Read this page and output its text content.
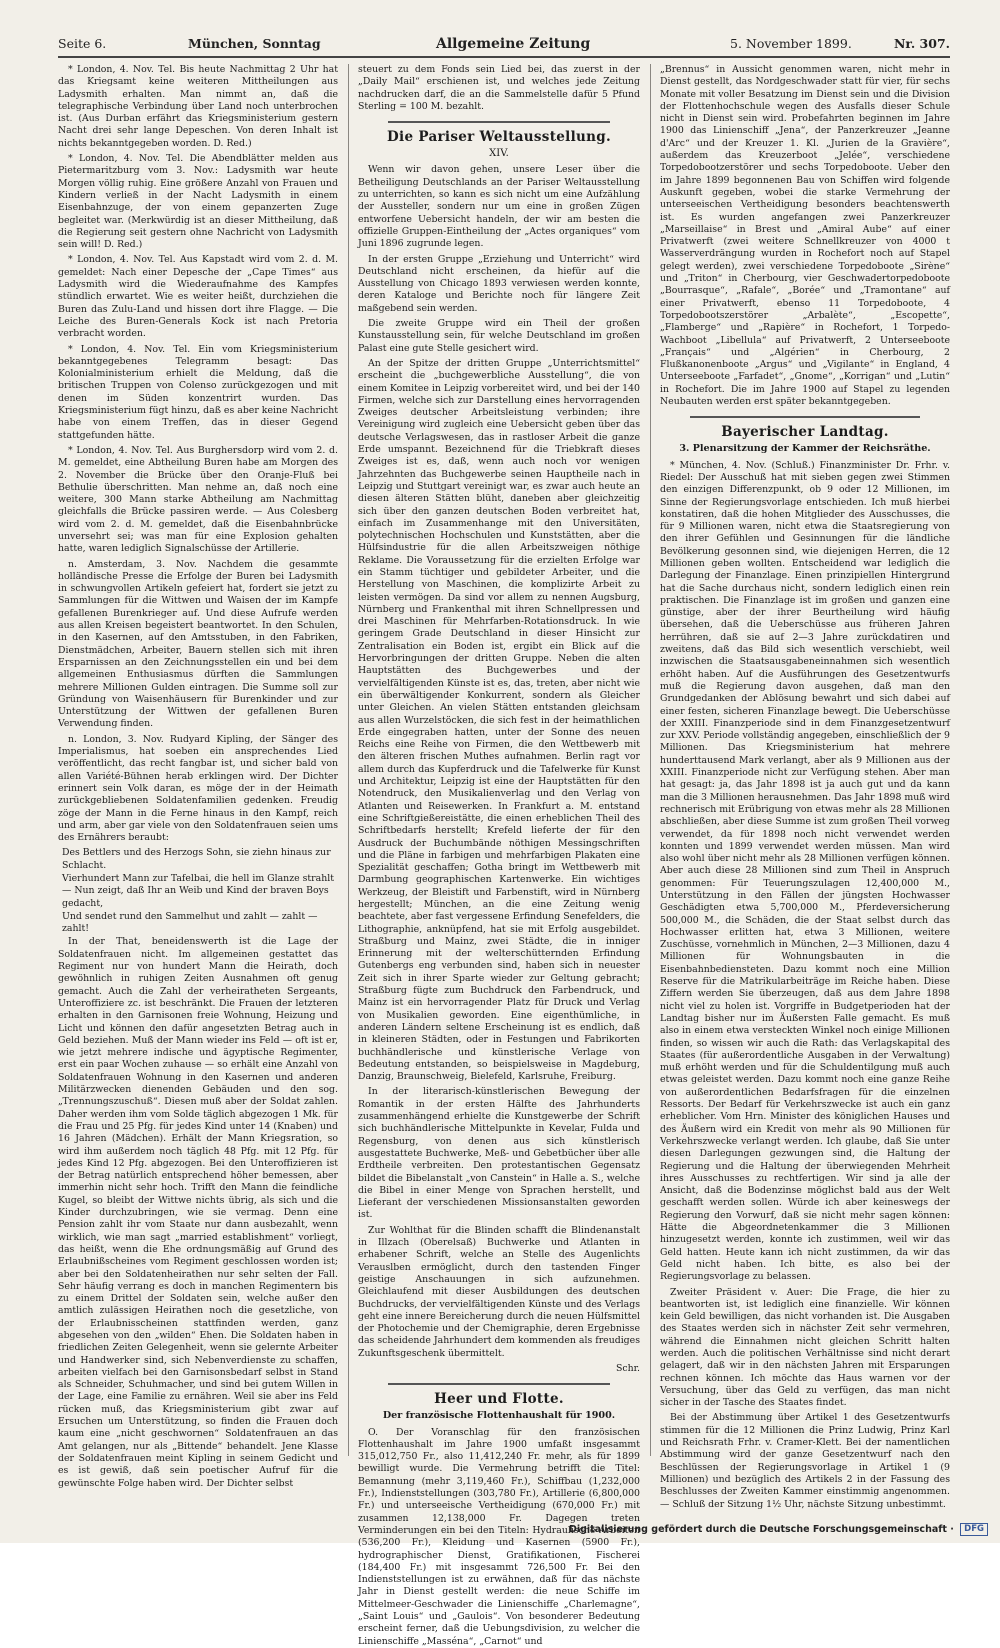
Seite 6.	München, Sonntag	Allgemeine Zeitung	5. November 1899.	Nr. 307.

* London, 4. Nov. Tel. Bis heute Nachmittag 2 Uhr hat das Kriegsamt keine weiteren Mittheilungen aus Ladysmith erhalten. Man nimmt an, daß die telegraphische Verbindung über Land noch unterbrochen ist. (Aus Durban erfährt das Kriegsministerium gestern Nacht drei sehr lange Depeschen. Von deren Inhalt ist nichts bekanntgegeben worden. D. Red.)

* London, 4. Nov. Tel. Die Abendblätter melden aus Pietermaritzburg vom 3. Nov.: Ladysmith war heute Morgen völlig ruhig. Eine größere Anzahl von Frauen und Kindern verließ in der Nacht Ladysmith in einem Eisenbahnzuge, der von einem gepanzerten Zuge begleitet war. (Merkwürdig ist an dieser Mittheilung, daß die Regierung seit gestern ohne Nachricht von Ladysmith sein will! D. Red.)

* London, 4. Nov. Tel. Aus Kapstadt wird vom 2. d. M. gemeldet: Nach einer Depesche der „Cape Times“ aus Ladysmith wird die Wiederaufnahme des Kampfes stündlich erwartet. Wie es weiter heißt, durchziehen die Buren das Zulu-Land und hissen dort ihre Flagge. — Die Leiche des Buren-Generals Kock ist nach Pretoria verbracht worden.

* London, 4. Nov. Tel. Ein vom Kriegsministerium bekanntgegebenes Telegramm besagt: Das Kolonialministerium erhielt die Meldung, daß die britischen Truppen von Colenso zurückgezogen und mit denen im Süden konzentrirt wurden. Das Kriegsministerium fügt hinzu, daß es aber keine Nachricht habe von einem Treffen, das in dieser Gegend stattgefunden hätte.

* London, 4. Nov. Tel. Aus Burghersdorp wird vom 2. d. M. gemeldet, eine Abtheilung Buren habe am Morgen des 2. November die Brücke über den Oranje-Fluß bei Bethulie überschritten. Man nehme an, daß noch eine weitere, 300 Mann starke Abtheilung am Nachmittag gleichfalls die Brücke passiren werde. — Aus Colesberg wird vom 2. d. M. gemeldet, daß die Eisenbahnbrücke unversehrt sei; was man für eine Explosion gehalten hatte, waren lediglich Signalschüsse der Artillerie.

n. Amsterdam, 3. Nov. Nachdem die gesammte holländische Presse die Erfolge der Buren bei Ladysmith in schwungvollen Artikeln gefeiert hat, fordert sie jetzt zu Sammlungen für die Wittwen und Waisen der im Kampfe gefallenen Burenkrieger auf. Und diese Aufrufe werden aus allen Kreisen begeistert beantwortet. In den Schulen, in den Kasernen, auf den Amtsstuben, in den Fabriken, Dienstmädchen, Arbeiter, Bauern stellen sich mit ihren Ersparnissen an den Zeichnungsstellen ein und bei dem allgemeinen Enthusiasmus dürften die Sammlungen mehrere Millionen Gulden eintragen. Die Summe soll zur Gründung von Waisenhäusern für Burenkinder und zur Unterstützung der Wittwen der gefallenen Buren Verwendung finden.

n. London, 3. Nov. Rudyard Kipling, der Sänger des Imperialismus, hat soeben ein ansprechendes Lied veröffentlicht, das recht fangbar ist, und sicher bald von allen Variété-Bühnen herab erklingen wird. Der Dichter erinnert sein Volk daran, es möge der in der Heimath zurückgebliebenen Soldatenfamilien gedenken. Freudig zöge der Mann in die Ferne hinaus in den Kampf, reich und arm, aber gar viele von den Soldatenfrauen seien ums des Ernährers beraubt:

Des Bettlers und des Herzogs Sohn, sie ziehn hinaus zur Schlacht.

Vierhundert Mann zur Tafelbai, die hell im Glanze strahlt — Nun zeigt, daß Ihr an Weib und Kind der braven Boys gedacht,

Und sendet rund den Sammelhut und zahlt — zahlt — zahlt!

In der That, beneidenswerth ist die Lage der Soldatenfrauen nicht. Im allgemeinen gestattet das Regiment nur von hundert Mann die Heirath, doch gewöhnlich in ruhigen Zeiten Ausnahmen oft genug gemacht. Auch die Zahl der verheiratheten Sergeants, Unteroffiziere zc. ist beschränkt. Die Frauen der letzteren erhalten in den Garnisonen freie Wohnung, Heizung und Licht und können den dafür angesetzten Betrag auch in Geld beziehen. Muß der Mann wieder ins Feld — oft ist er, wie jetzt mehrere indische und ägyptische Regimenter, erst ein paar Wochen zuhause — so erhält eine Anzahl von Soldatenfrauen Wohnung in den Kasernen und anderen Militärzwecken dienenden Gebäuden und den sog. „Trennungszuschuß“. Diesen muß aber der Soldat zahlen. Daher werden ihm vom Solde täglich abgezogen 1 Mk. für die Frau und 25 Pfg. für jedes Kind unter 14 (Knaben) und 16 Jahren (Mädchen). Erhält der Mann Kriegsration, so wird ihm außerdem noch täglich 48 Pfg. mit 12 Pfg. für jedes Kind 12 Pfg. abgezogen. Bei den Unteroffizieren ist der Betrag natürlich entsprechend höher bemessen, aber immerhin nicht sehr hoch. Trifft den Mann die feindliche Kugel, so bleibt der Wittwe nichts übrig, als sich und die Kinder durchzubringen, wie sie vermag. Denn eine Pension zahlt ihr vom Staate nur dann ausbezahlt, wenn wirklich, wie man sagt „married establishment“ vorliegt, das heißt, wenn die Ehe ordnungsmäßig auf Grund des Erlaubnißscheines vom Regiment geschlossen worden ist; aber bei den Soldatenheirathen nur sehr selten der Fall. Sehr häufig verrang es doch in manchen Regimentern bis zu einem Drittel der Soldaten sein, welche außer den amtlich zulässigen Heirathen noch die gesetzliche, von der Erlaubnisscheinen stattfinden werden, ganz abgesehen von den „wilden“ Ehen. Die Soldaten haben in friedlichen Zeiten Gelegenheit, wenn sie gelernte Arbeiter und Handwerker sind, sich Nebenverdienste zu schaffen, arbeiten vielfach bei den Garnisonsbedarf selbst in Stand als Schneider, Schuhmacher, und sind bei gutem Willen in der Lage, eine Familie zu ernähren. Weil sie aber ins Feld rücken muß, das Kriegsministerium gibt zwar auf Ersuchen um Unterstützung, so finden die Frauen doch kaum eine „nicht geschwornen“ Soldatenfrauen an das Amt gelangen, nur als „Bittende“ behandelt. Jene Klasse der Soldatenfrauen meint Kipling in seinem Gedicht und es ist gewiß, daß sein poetischer Aufruf für die gewünschte Folge haben wird. Der Dichter selbst

steuert zu dem Fonds sein Lied bei, das zuerst in der „Daily Mail“ erschienen ist, und welches jede Zeitung nachdrucken darf, die an die Sammelstelle dafür 5 Pfund Sterling = 100 M. bezahlt.

Die Pariser Weltausstellung.
XIV.

Wenn wir davon gehen, unsere Leser über die Betheiligung Deutschlands an der Pariser Weltausstellung zu unterrichten, so kann es sich nicht um eine Aufzählung der Aussteller, sondern nur um eine in großen Zügen entworfene Uebersicht handeln, der wir am besten die offizielle Gruppen-Eintheilung der „Actes organiques“ vom Juni 1896 zugrunde legen.

In der ersten Gruppe „Erziehung und Unterricht“ wird Deutschland nicht erscheinen, da hiefür auf die Ausstellung von Chicago 1893 verwiesen werden konnte, deren Kataloge und Berichte noch für längere Zeit maßgebend sein werden.

Die zweite Gruppe wird ein Theil der großen Kunstausstellung sein, für welche Deutschland im großen Palast eine gute Stelle gesichert wird.

An der Spitze der dritten Gruppe „Unterrichtsmittel“ erscheint die „buchgewerbliche Ausstellung“, die von einem Komitee in Leipzig vorbereitet wird, und bei der 140 Firmen, welche sich zur Darstellung eines hervorragenden Zweiges deutscher Arbeitsleistung verbinden; ihre Vereinigung wird zugleich eine Uebersicht geben über das deutsche Verlagswesen, das in rastloser Arbeit die ganze Erde umspannt. Bezeichnend für die Triebkraft dieses Zweiges ist es, daß, wenn auch noch vor wenigen Jahrzehnten das Buchgewerbe seinen Hauptheile nach in Leipzig und Stuttgart vereinigt war, es zwar auch heute an diesen älteren Stätten blüht, daneben aber gleichzeitig sich über den ganzen deutschen Boden verbreitet hat, einfach im Zusammenhange mit den Universitäten, polytechnischen Hochschulen und Kunststätten, aber die Hülfsindustrie für die allen Arbeitszweigen nöthige Reklame. Die Voraussetzung für die erzielten Erfolge war ein Stamm tüchtiger und gebildeter Arbeiter, und die Herstellung von Maschinen, die komplizirte Arbeit zu leisten vermögen. Da sind vor allem zu nennen Augsburg, Nürnberg und Frankenthal mit ihren Schnellpressen und drei Maschinen für Mehrfarben-Rotationsdruck. In wie geringem Grade Deutschland in dieser Hinsicht zur Zentralisation ein Boden ist, ergibt ein Blick auf die Hervorbringungen der dritten Gruppe. Neben die alten Hauptstätten des Buchgewerbes und der vervielfältigenden Künste ist es, das, treten, aber nicht wie ein überwältigender Konkurrent, sondern als Gleicher unter Gleichen. An vielen Stätten entstanden gleichsam aus allen Wurzelstöcken, die sich fest in der heimathlichen Erde eingegraben hatten, unter der Sonne des neuen Reichs eine Reihe von Firmen, die den Wettbewerb mit den älteren frischen Muthes aufnahmen. Berlin ragt vor allem durch das Kupferdruck und die Tafelwerke für Kunst und Architektur, Leipzig ist eine der Hauptstätten für den Notendruck, den Musikalienverlag und den Verlag von Atlanten und Reisewerken. In Frankfurt a. M. entstand eine Schriftgießereistätte, die einen erheblichen Theil des Schriftbedarfs herstellt; Krefeld lieferte der für den Ausdruck der Buchumbände nöthigen Messingschriften und die Pläne in farbigen und mehrfarbigen Plakaten eine Spezialität geschaffen; Gotha bringt im Wettbewerb mit Darmbung geographischen Kartenwerke. Ein wichtiges Werkzeug, der Bleistift und Farbenstift, wird in Nürnberg hergestellt; München, an die eine Zeitung wenig beachtete, aber fast vergessene Erfindung Senefelders, die Lithographie, anknüpfend, hat sie mit Erfolg ausgebildet. Straßburg und Mainz, zwei Städte, die in inniger Erinnerung mit der welterschütternden Erfindung Gutenbergs eng verbunden sind, haben sich in neuester Zeit sich in ihrer Sparte wieder zur Geltung gebracht; Straßburg fügte zum Buchdruck den Farbendruck, und Mainz ist ein hervorragender Platz für Druck und Verlag von Musikalien geworden. Eine eigenthümliche, in anderen Ländern seltene Erscheinung ist es endlich, daß in kleineren Städten, oder in Festungen und Fabrikorten buchhändlerische und künstlerische Verlage von Bedeutung entstanden, so beispielsweise in Magdeburg, Danzig, Braunschweig, Bielefeld, Karlsruhe, Freiburg.

In der literarisch-künstlerischen Bewegung der Romantik in der ersten Hälfte des Jahrhunderts zusammenhängend erhielte die Kunstgewerbe der Schrift sich buchhändlerische Mittelpunkte in Kevelar, Fulda und Regensburg, von denen aus sich künstlerisch ausgestattete Buchwerke, Meß- und Gebetbücher über alle Erdtheile verbreiten. Den protestantischen Gegensatz bildet die Bibelanstalt „von Canstein“ in Halle a. S., welche die Bibel in einer Menge von Sprachen herstellt, und Lieferant der verschiedenen Missionsanstalten geworden ist.

Zur Wohlthat für die Blinden schafft die Blindenanstalt in Illzach (Oberelsaß) Buchwerke und Atlanten in erhabener Schrift, welche an Stelle des Augenlichts Verauslben ermöglicht, durch den tastenden Finger geistige Anschauungen in sich aufzunehmen. Gleichlaufend mit dieser Ausbildungen des deutschen Buchdrucks, der vervielfältigenden Künste und des Verlags geht eine innere Bereicherung durch die neuen Hülfsmittel der Photochemie und der Chemigraphie, deren Ergebnisse das scheidende Jahrhundert dem kommenden als freudiges Zukunftsgeschenk übermittelt.

Schr.

Heer und Flotte.
Der französische Flottenhaushalt für 1900.

O. Der Voranschlag für den französischen Flottenhaushalt im Jahre 1900 umfaßt insgesammt 315,012,750 Fr., also 11,412,240 Fr. mehr, als für 1899 bewilligt wurde. Die Vermehrung betrifft die Titel: Bemannung (mehr 3,119,460 Fr.), Schiffbau (1,232,000 Fr.), Indienststellungen (303,780 Fr.), Artillerie (6,800,000 Fr.) und unterseeische Vertheidigung (670,000 Fr.) mit zusammen 12,138,000 Fr. Dagegen treten Verminderungen ein bei den Titeln: Hydraulische Arbeiten (536,200 Fr.), Kleidung und Kasernen (5900 Fr.), hydrographischer Dienst, Gratifikationen, Fischerei (184,400 Fr.) mit insgesammt 726,500 Fr. Bei den Indienststellungen ist zu erwähnen, daß für das nächste Jahr in Dienst gestellt werden: die neue Schiffe im Mittelmeer-Geschwader die Linienschiffe „Charlemagne“, „Saint Louis“ und „Gaulois“. Von besonderer Bedeutung erscheint ferner, daß die Uebungsdivision, zu welcher die Linienschiffe „Masséna“, „Carnot“ und

„Brennus“ in Aussicht genommen waren, nicht mehr in Dienst gestellt, das Nordgeschwader statt für vier, für sechs Monate mit voller Besatzung im Dienst sein und die Division der Flottenhochschule wegen des Ausfalls dieser Schule nicht in Dienst sein wird. Probefahrten beginnen im Jahre 1900 das Linienschiff „Jena“, der Panzerkreuzer „Jeanne d'Arc“ und der Kreuzer 1. Kl. „Jurien de la Gravière“, außerdem das Kreuzerboot „Jelée“, verschiedene Torpedobootzerstörer und sechs Torpedoboote. Ueber den im Jahre 1899 begonnenen Bau von Schiffen wird folgende Auskunft gegeben, wobei die starke Vermehrung der unterseeischen Vertheidigung besonders beachtenswerth ist. Es wurden angefangen zwei Panzerkreuzer „Marseillaise“ in Brest und „Amiral Aube“ auf einer Privatwerft (zwei weitere Schnellkreuzer von 4000 t Wasserverdrängung wurden in Rochefort noch auf Stapel gelegt werden), zwei verschiedene Torpedoboote „Sirène“ und „Triton“ in Cherbourg, vier Geschwadertorpedoboote „Bourrasque“, „Rafale“, „Borée“ und „Tramontane“ auf einer Privatwerft, ebenso 11 Torpedoboote, 4 Torpedobootszerstörer „Arbalète“, „Escopette“, „Flamberge“ und „Rapière“ in Rochefort, 1 Torpedo-Wachboot „Libellula“ auf Privatwerft, 2 Unterseeboote „Français“ und „Algérien“ in Cherbourg, 2 Flußkanonenboote „Argus“ und „Vigilante“ in England, 4 Unterseeboote „Farfadet“, „Gnome“, „Korrigan“ und „Lutin“ in Rochefort. Die im Jahre 1900 auf Stapel zu legenden Neubauten werden erst später bekanntgegeben.

Bayerischer Landtag.
3. Plenarsitzung der Kammer der Reichsräthe.

* München, 4. Nov. (Schluß.) Finanzminister Dr. Frhr. v. Riedel: Der Ausschuß hat mit sieben gegen zwei Stimmen den einzigen Differenzpunkt, ob 9 oder 12 Millionen, im Sinne der Regierungsvorlage entschieden. Ich muß hierbei konstatiren, daß die hohen Mitglieder des Ausschusses, die für 9 Millionen waren, nicht etwa die Staatsregierung von den ihrer Gefühlen und Gesinnungen für die ländliche Bevölkerung gesonnen sind, wie diejenigen Herren, die 12 Millionen geben wollten. Entscheidend war lediglich die Darlegung der Finanzlage. Einen prinzipiellen Hintergrund hat die Sache durchaus nicht, sondern lediglich einen rein praktischen. Die Finanzlage ist im großen und ganzen eine günstige, aber der ihrer Beurtheilung wird häufig übersehen, daß die Ueberschüsse aus früheren Jahren herrühren, daß sie auf 2—3 Jahre zurückdatiren und zweitens, daß das Bild sich wesentlich verschiebt, weil inzwischen die Staatsausgabeneinnahmen sich wesentlich erhöht haben. Auf die Ausführungen des Gesetzentwurfs muß die Regierung davon ausgehen, daß man den Grundgedanken der Ablösung bewahrt und sich dabei auf einer festen, sicheren Finanzlage bewegt. Die Ueberschüsse der XXIII. Finanzperiode sind in dem Finanzgesetzentwurf zur XXV. Periode vollständig angegeben, einschließlich der 9 Millionen. Das Kriegsministerium hat mehrere hunderttausend Mark verlangt, aber als 9 Millionen aus der XXIII. Finanzperiode nicht zur Verfügung stehen. Aber man hat gesagt: ja, das Jahr 1898 ist ja auch gut und da kann man die 3 Millionen herausnehmen. Das Jahr 1898 muß wird rechnerisch mit Erübrigung von etwas mehr als 28 Millionen abschließen, aber diese Summe ist zum großen Theil vorweg verwendet, da für 1898 noch nicht verwendet werden konnten und 1899 verwendet werden müssen. Man wird also wohl über nicht mehr als 28 Millionen verfügen können. Aber auch diese 28 Millionen sind zum Theil in Anspruch genommen: Für Teuerungszulagen 12,400,000 M., Unterstützung in den Fällen der jüngsten Hochwasser Geschädigten etwa 5,700,000 M., Pferdeversicherung 500,000 M., die Schäden, die der Staat selbst durch das Hochwasser erlitten hat, etwa 3 Millionen, weitere Zuschüsse, vornehmlich in München, 2—3 Millionen, dazu 4 Millionen für Wohnungsbauten in die Eisenbahnbediensteten. Dazu kommt noch eine Million Reserve für die Matrikularbeiträge im Reiche haben. Diese Ziffern werden Sie überzeugen, daß aus dem Jahre 1898 nicht viel zu holen ist. Vorgriffe in Budgetperioden hat der Landtag bisher nur im Äußersten Falle gemacht. Es muß also in einem etwa versteckten Winkel noch einige Millionen finden, so wissen wir auch die Rath: das Verlagskapital des Staates (für außerordentliche Ausgaben in der Verwaltung) muß erhöht werden und für die Schuldentilgung muß auch etwas geleistet werden. Dazu kommt noch eine ganze Reihe von außerordentlichen Bedarfsfragen für die einzelnen Ressorts. Der Bedarf für Verkehrszwecke ist auch ein ganz erheblicher. Vom Hrn. Minister des königlichen Hauses und des Äußern wird ein Kredit von mehr als 90 Millionen für Verkehrszwecke verlangt werden. Ich glaube, daß Sie unter diesen Darlegungen gezwungen sind, die Haltung der Regierung und die Haltung der überwiegenden Mehrheit ihres Ausschusses zu rechtfertigen. Wir sind ja alle der Ansicht, daß die Bodenzinse möglichst bald aus der Welt geschafft werden sollen. Würde ich aber keineswegs der Regierung den Vorwurf, daß sie nicht mehr sagen können: Hätte die Abgeordnetenkammer die 3 Millionen hinzugesetzt werden, konnte ich zustimmen, weil wir das Geld hatten. Heute kann ich nicht zustimmen, da wir das Geld nicht haben. Ich bitte, es also bei der Regierungsvorlage zu belassen.

Zweiter Präsident v. Auer: Die Frage, die hier zu beantworten ist, ist lediglich eine finanzielle. Wir können kein Geld bewilligen, das nicht vorhanden ist. Die Ausgaben des Staates werden sich in nächster Zeit sehr vermehren, während die Einnahmen nicht gleichen Schritt halten werden. Auch die politischen Verhältnisse sind nicht derart gelagert, daß wir in den nächsten Jahren mit Ersparungen rechnen können. Ich möchte das Haus warnen vor der Versuchung, über das Geld zu verfügen, das man nicht sicher in der Tasche des Staates findet.

Bei der Abstimmung über Artikel 1 des Gesetzentwurfs stimmen für die 12 Millionen die Prinz Ludwig, Prinz Karl und Reichsrath Frhr. v. Cramer-Klett. Bei der namentlichen Abstimmung wird der ganze Gesetzentwurf nach den Beschlüssen der Regierungsvorlage in Artikel 1 (9 Millionen) und bezüglich des Artikels 2 in der Fassung des Beschlusses der Zweiten Kammer einstimmig angenommen. — Schluß der Sitzung 1½ Uhr, nächste Sitzung unbestimmt.

Digitalisierung gefördert durch die Deutsche Forschungsgemeinschaft · DFG
